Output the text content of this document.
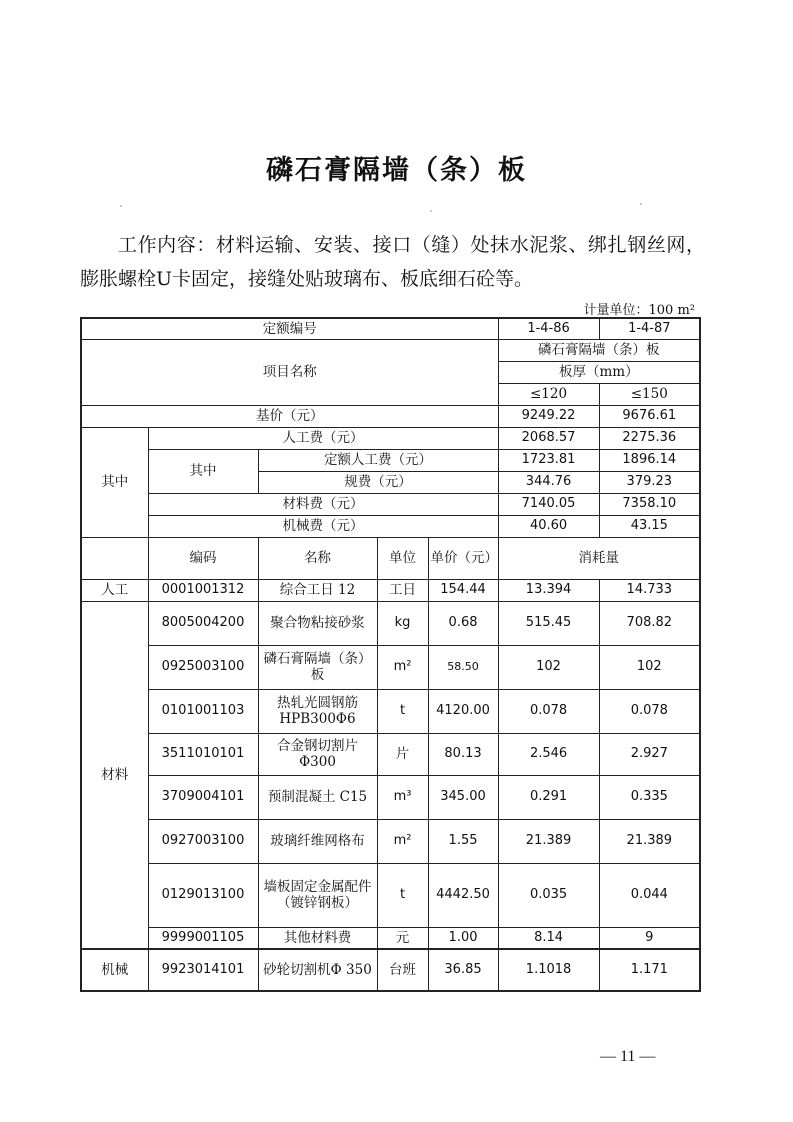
磷石膏隔墙（条）板
工作内容：材料运输、安装、接口（缝）处抹水泥浆、绑扎钢丝网，膨胀螺栓U卡固定，接缝处贴玻璃布、板底细石砼等。
计量单位：100 m²
定额编号					1-4-86	1-4-87
项目名称					磷石膏隔墙（条）板	
					板厚（mm）	
					≤120	≤150
基价（元）					9249.22	9676.61
其中	人工费（元）				2068.57	2275.36
	其中	定额人工费（元）			1723.81	1896.14
		规费（元）			344.76	379.23
	材料费（元）				7140.05	7358.10
	机械费（元）				40.60	43.15
	编码	名称	单位	单价（元）	消耗量	
人工	0001001312	综合工日 12	工日	154.44	13.394	14.733
材料	8005004200	聚合物粘接砂浆	kg	0.68	515.45	708.82
	0925003100	磷石膏隔墙（条）板	m²	58.50	102	102
	0101001103	热轧光圆钢筋 HPB300Φ6	t	4120.00	0.078	0.078
	3511010101	合金钢切割片 Φ300	片	80.13	2.546	2.927
	3709004101	预制混凝土 C15	m³	345.00	0.291	0.335
	0927003100	玻璃纤维网格布	m²	1.55	21.389	21.389
	0129013100	墙板固定金属配件（镀锌钢板）	t	4442.50	0.035	0.044
	9999001105	其他材料费	元	1.00	8.14	9
机械	9923014101	砂轮切割机Φ 350	台班	36.85	1.1018	1.171
— 11 —
